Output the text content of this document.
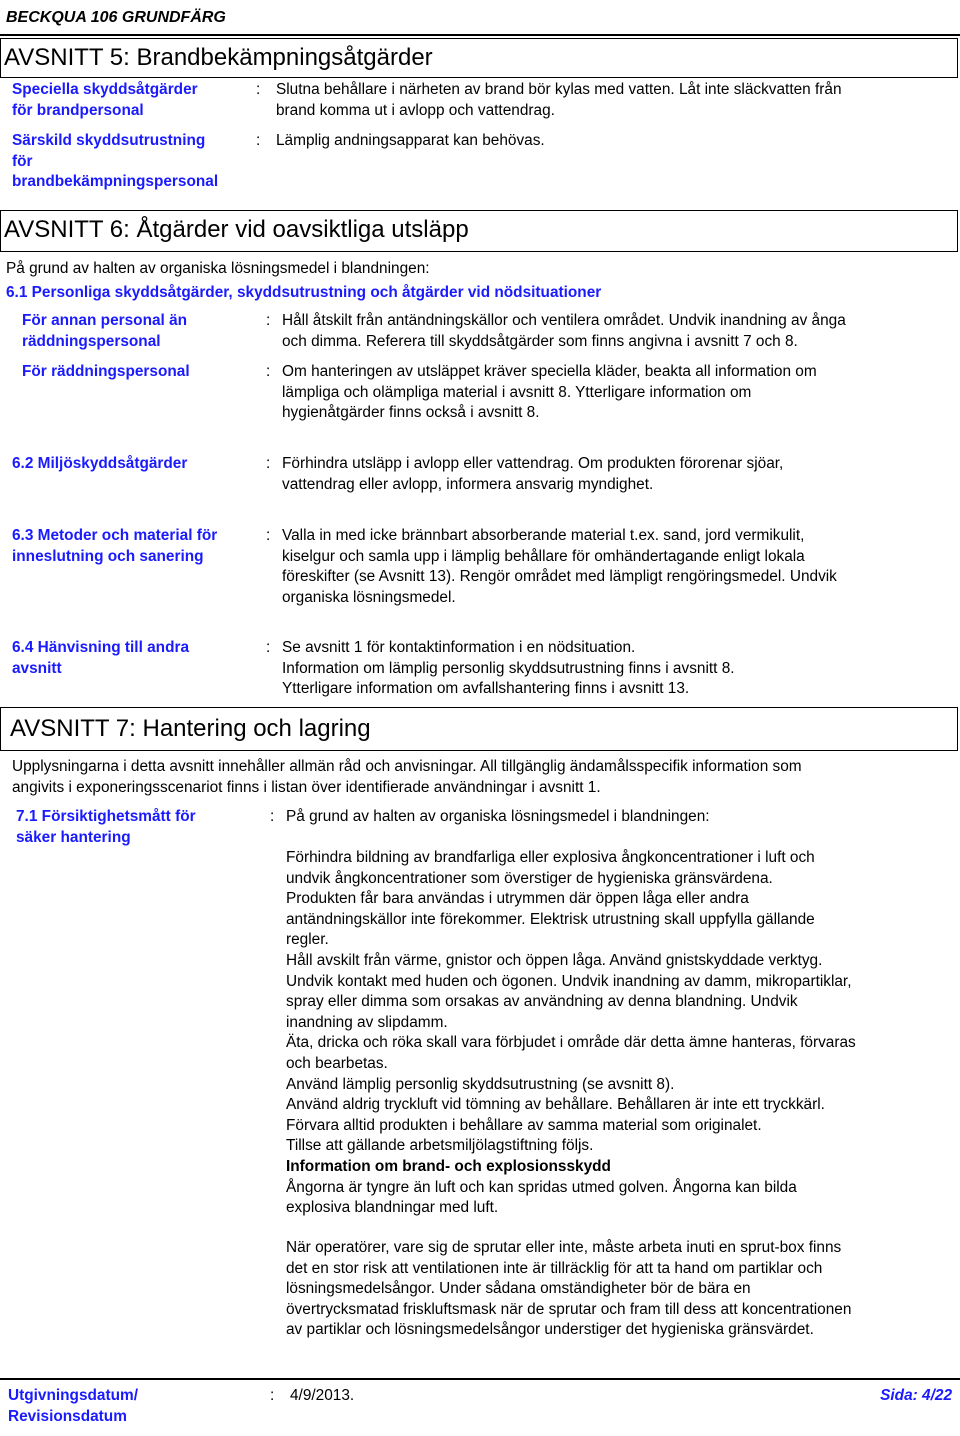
BECKQUA 106 GRUNDFÄRG
AVSNITT 5: Brandbekämpningsåtgärder
Speciella skyddsåtgärder
för brandpersonal
: Slutna behållare i närheten av brand bör kylas med vatten. Låt inte släckvatten från
brand komma ut i avlopp och vattendrag.
Särskild skyddsutrustning
för
brandbekämpningspersonal
: Lämplig andningsapparat kan behövas.
AVSNITT 6: Åtgärder vid oavsiktliga utsläpp
På grund av halten av organiska lösningsmedel i blandningen:
6.1 Personliga skyddsåtgärder, skyddsutrustning och åtgärder vid nödsituationer
För annan personal än
räddningspersonal
: Håll åtskilt från antändningskällor och ventilera området. Undvik inandning av ånga
och dimma. Referera till skyddsåtgärder som finns angivna i avsnitt 7 och 8.
För räddningspersonal	: Om hanteringen av utsläppet kräver speciella kläder, beakta all information om
lämpliga och olämpliga material i avsnitt 8. Ytterligare information om
hygienåtgärder finns också i avsnitt 8.
6.2 Miljöskyddsåtgärder	: Förhindra utsläpp i avlopp eller vattendrag. Om produkten förorenar sjöar,
vattendrag eller avlopp, informera ansvarig myndighet.
6.3 Metoder och material för
inneslutning och sanering
: Valla in med icke brännbart absorberande material t.ex. sand, jord vermikulit,
kiselgur och samla upp i lämplig behållare för omhändertagande enligt lokala
föreskifter (se Avsnitt 13). Rengör området med lämpligt rengöringsmedel. Undvik
organiska lösningsmedel.
6.4 Hänvisning till andra
avsnitt
: Se avsnitt 1 för kontaktinformation i en nödsituation.
Information om lämplig personlig skyddsutrustning finns i avsnitt 8.
Ytterligare information om avfallshantering finns i avsnitt 13.
AVSNITT 7: Hantering och lagring
Upplysningarna i detta avsnitt innehåller allmän råd och anvisningar. All tillgänglig ändamålsspecifik information som
angivits i exponeringsscenariot finns i listan över identifierade användningar i avsnitt 1.
7.1 Försiktighetsmått för
säker hantering
: På grund av halten av organiska lösningsmedel i blandningen:
Förhindra bildning av brandfarliga eller explosiva ångkoncentrationer i luft och
undvik ångkoncentrationer som överstiger de hygieniska gränsvärdena.
Produkten får bara användas i utrymmen där öppen låga eller andra
antändningskällor inte förekommer. Elektrisk utrustning skall uppfylla gällande
regler.
Håll avskilt från värme, gnistor och öppen låga. Använd gnistskyddade verktyg.
Undvik kontakt med huden och ögonen. Undvik inandning av damm, mikropartiklar,
spray eller dimma som orsakas av användning av denna blandning. Undvik
inandning av slipdamm.
Äta, dricka och röka skall vara förbjudet i område där detta ämne hanteras, förvaras
och bearbetas.
Använd lämplig personlig skyddsutrustning (se avsnitt 8).
Använd aldrig tryckluft vid tömning av behållare. Behållaren är inte ett tryckkärl.
Förvara alltid produkten i behållare av samma material som originalet.
Tillse att gällande arbetsmiljölagstiftning följs.
Information om brand- och explosionsskydd
Ångorna är tyngre än luft och kan spridas utmed golven. Ångorna kan bilda
explosiva blandningar med luft.
När operatörer, vare sig de sprutar eller inte, måste arbeta inuti en sprut-box finns
det en stor risk att ventilationen inte är tillräcklig för att ta hand om partiklar och
lösningsmedelsångor. Under sådana omständigheter bör de bära en
övertrycksmatad friskluftsmask när de sprutar och fram till dess att koncentrationen
av partiklar och lösningsmedelsångor understiger det hygieniska gränsvärdet.
Utgivningsdatum/
Revisionsdatum
: 4/9/2013.	Sida: 4/22
